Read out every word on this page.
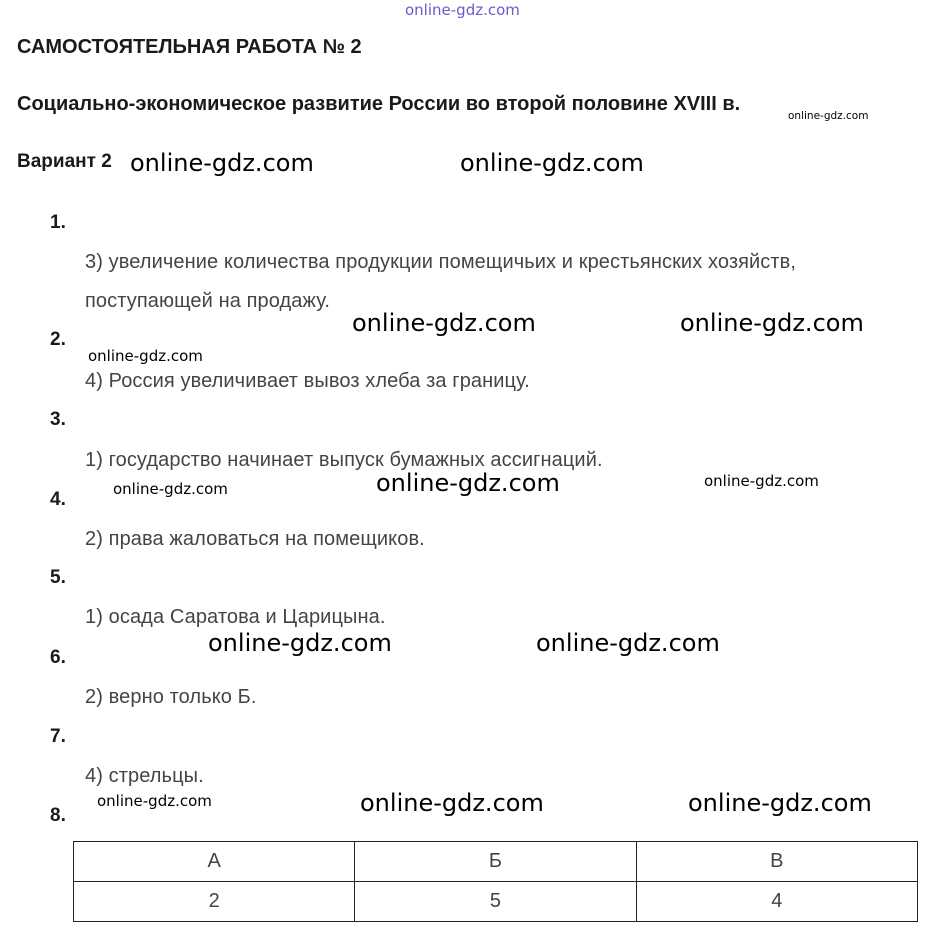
САМОСТОЯТЕЛЬНАЯ РАБОТА № 2
Социально-экономическое развитие России во второй половине XVIII в.
Вариант 2
1.
2.
3.
4.
5.
6.
7.
8.
3) увеличение количества продукции помещичьих и крестьянских хозяйств,
поступающей на продажу.
4) Россия увеличивает вывоз хлеба за границу.
1) государство начинает выпуск бумажных ассигнаций.
2) права жаловаться на помещиков.
1) осада Саратова и Царицына.
2) верно только Б.
4) стрельцы.
А	Б	В
2	5	4
online-gdz.com
online-gdz.com
online-gdz.com	online-gdz.com
online-gdz.com	online-gdz.com
online-gdz.com
online-gdz.com	online-gdz.com	online-gdz.com
online-gdz.com	online-gdz.com
online-gdz.com	online-gdz.com	online-gdz.com
